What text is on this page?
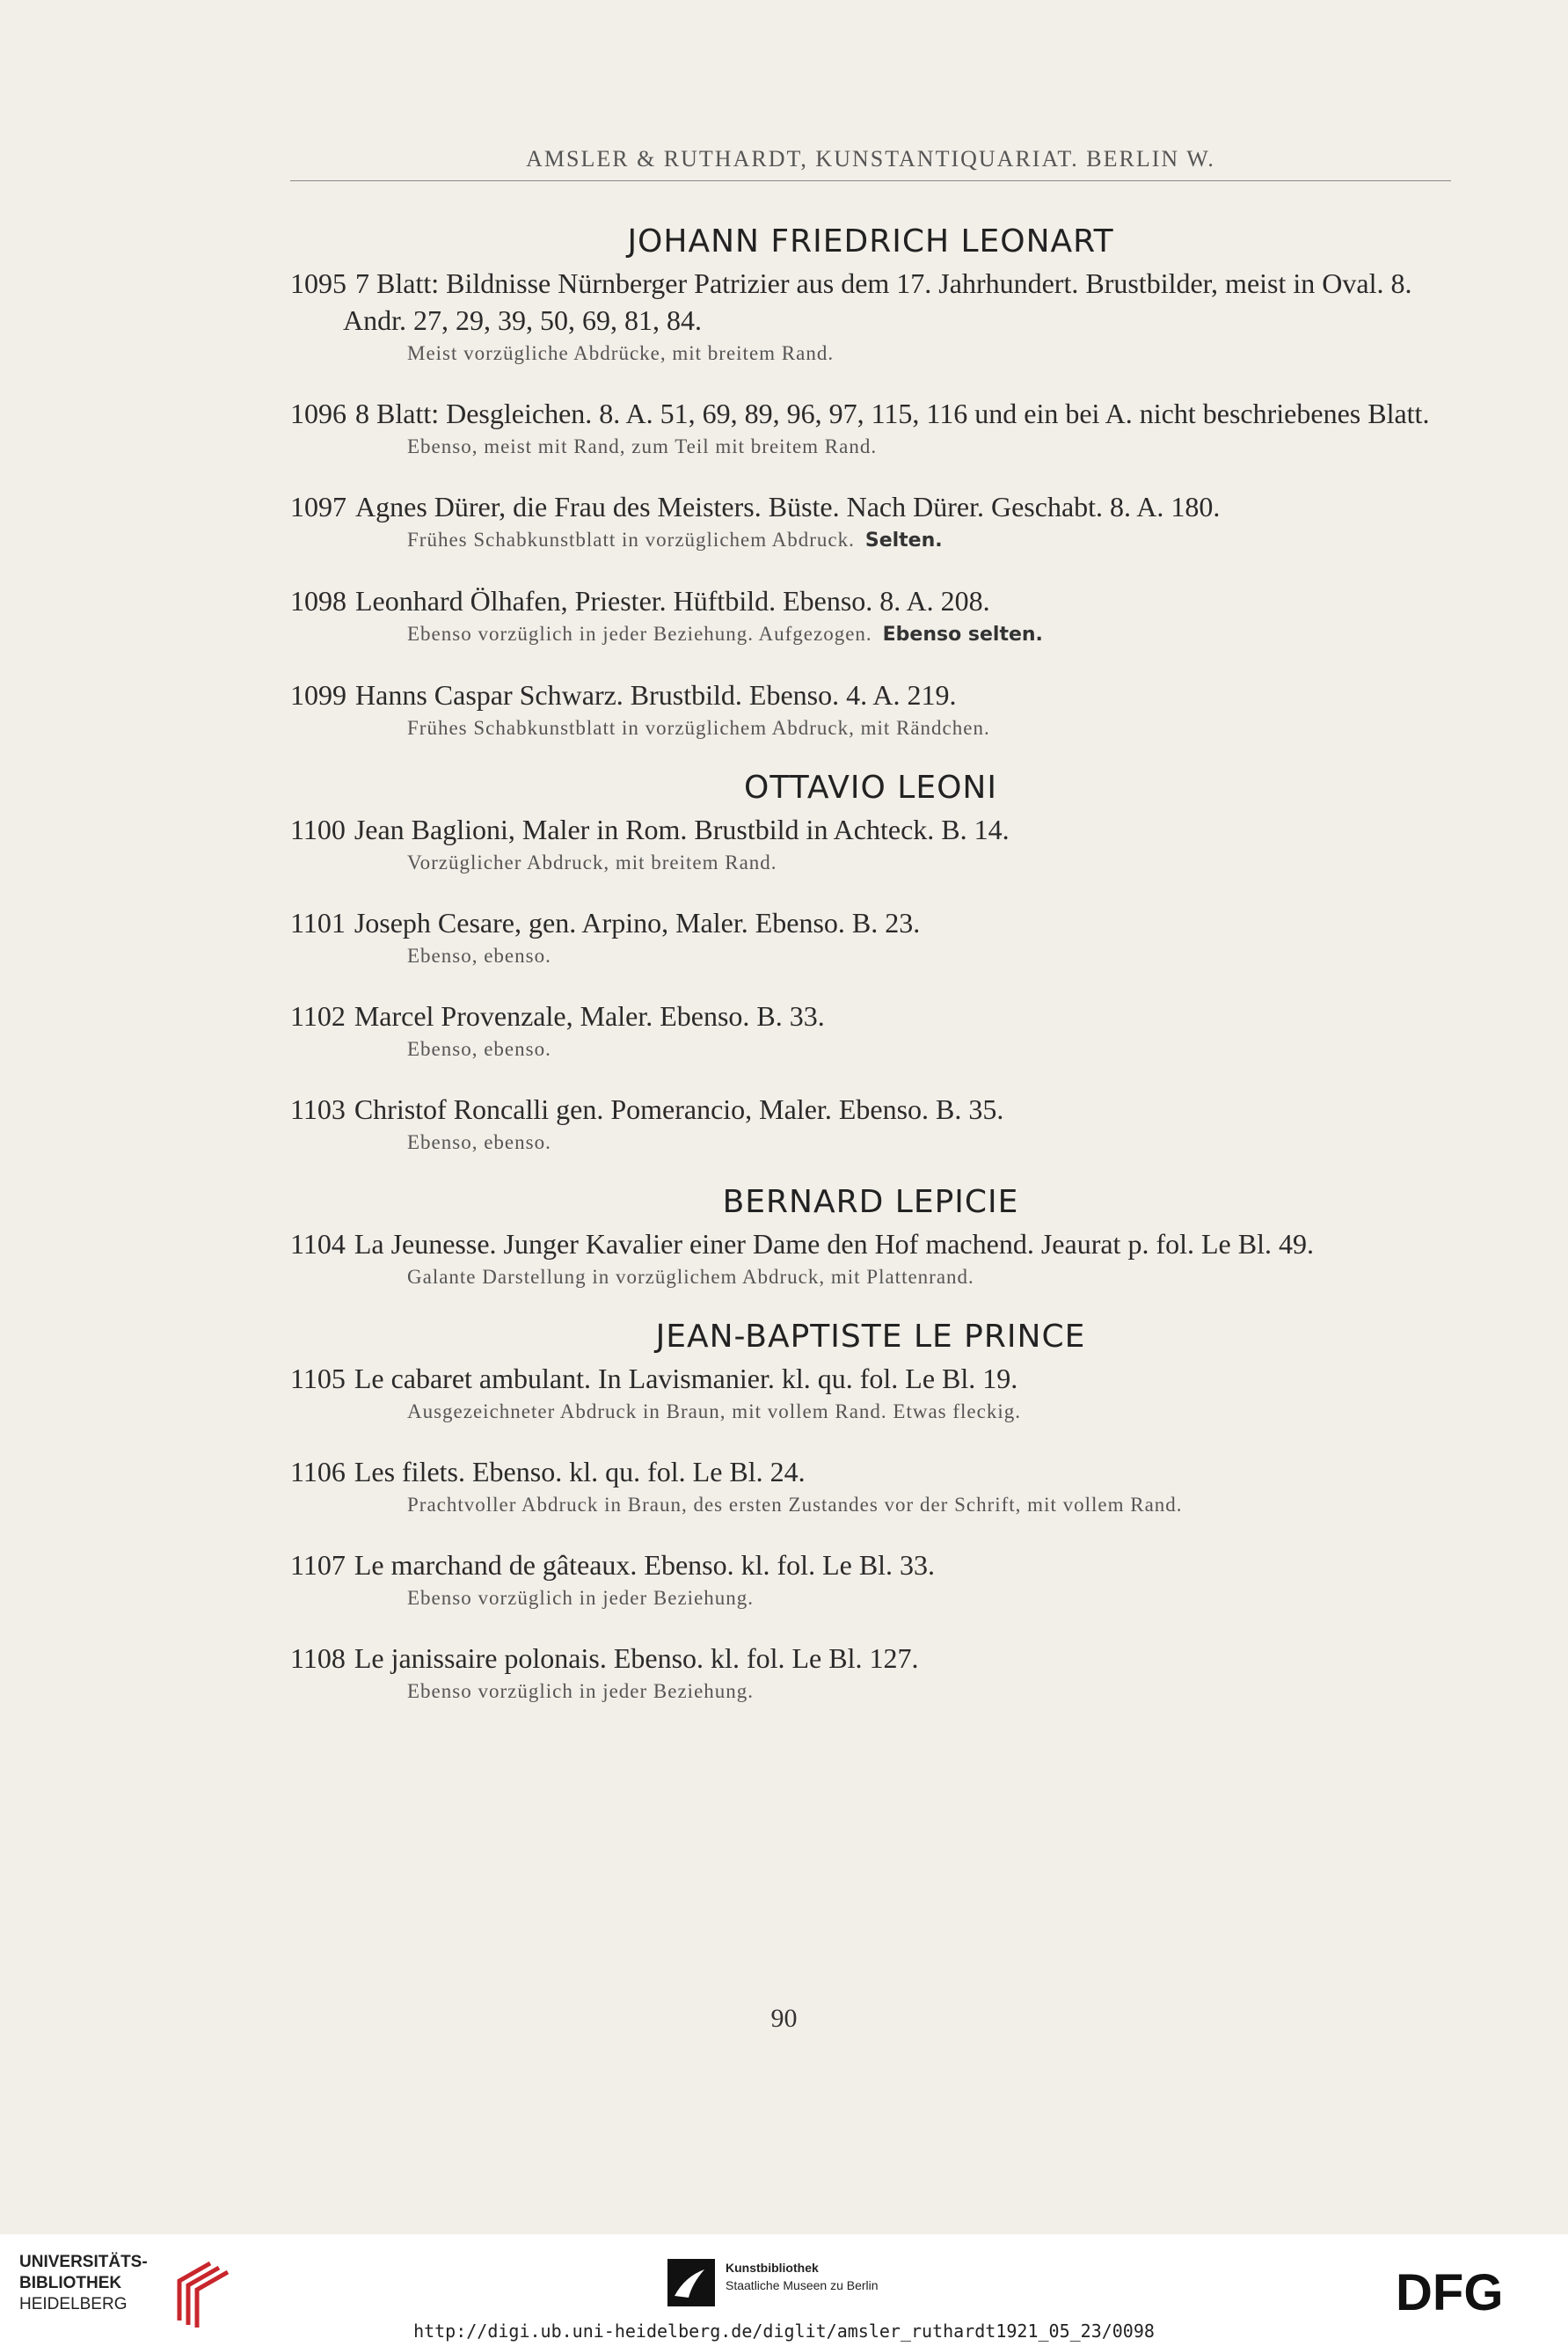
AMSLER & RUTHARDT, KUNSTANTIQUARIAT. BERLIN W.
JOHANN FRIEDRICH LEONART
1095 7 Blatt: Bildnisse Nürnberger Patrizier aus dem 17. Jahrhundert. Brustbilder, meist in Oval. 8. Andr. 27, 29, 39, 50, 69, 81, 84.
Meist vorzügliche Abdrücke, mit breitem Rand.
1096 8 Blatt: Desgleichen. 8. A. 51, 69, 89, 96, 97, 115, 116 und ein bei A. nicht beschriebenes Blatt.
Ebenso, meist mit Rand, zum Teil mit breitem Rand.
1097 Agnes Dürer, die Frau des Meisters. Büste. Nach Dürer. Geschabt. 8. A. 180.
Frühes Schabkunstblatt in vorzüglichem Abdruck. Selten.
1098 Leonhard Ölhafen, Priester. Hüftbild. Ebenso. 8. A. 208.
Ebenso vorzüglich in jeder Beziehung. Aufgezogen. Ebenso selten.
1099 Hanns Caspar Schwarz. Brustbild. Ebenso. 4. A. 219.
Frühes Schabkunstblatt in vorzüglichem Abdruck, mit Rändchen.
OTTAVIO LEONI
1100 Jean Baglioni, Maler in Rom. Brustbild in Achteck. B. 14.
Vorzüglicher Abdruck, mit breitem Rand.
1101 Joseph Cesare, gen. Arpino, Maler. Ebenso. B. 23.
Ebenso, ebenso.
1102 Marcel Provenzale, Maler. Ebenso. B. 33.
Ebenso, ebenso.
1103 Christof Roncalli gen. Pomerancio, Maler. Ebenso. B. 35.
Ebenso, ebenso.
BERNARD LEPICIE
1104 La Jeunesse. Junger Kavalier einer Dame den Hof machend. Jeaurat p. fol. Le Bl. 49.
Galante Darstellung in vorzüglichem Abdruck, mit Plattenrand.
JEAN-BAPTISTE LE PRINCE
1105 Le cabaret ambulant. In Lavismanier. kl. qu. fol. Le Bl. 19.
Ausgezeichneter Abdruck in Braun, mit vollem Rand. Etwas fleckig.
1106 Les filets. Ebenso. kl. qu. fol. Le Bl. 24.
Prachtvoller Abdruck in Braun, des ersten Zustandes vor der Schrift, mit vollem Rand.
1107 Le marchand de gâteaux. Ebenso. kl. fol. Le Bl. 33.
Ebenso vorzüglich in jeder Beziehung.
1108 Le janissaire polonais. Ebenso. kl. fol. Le Bl. 127.
Ebenso vorzüglich in jeder Beziehung.
90
UNIVERSITÄTS-
BIBLIOTHEK
HEIDELBERG
Kunstbibliothek
Staatliche Museen zu Berlin	DFG
http://digi.ub.uni-heidelberg.de/diglit/amsler_ruthardt1921_05_23/0098
